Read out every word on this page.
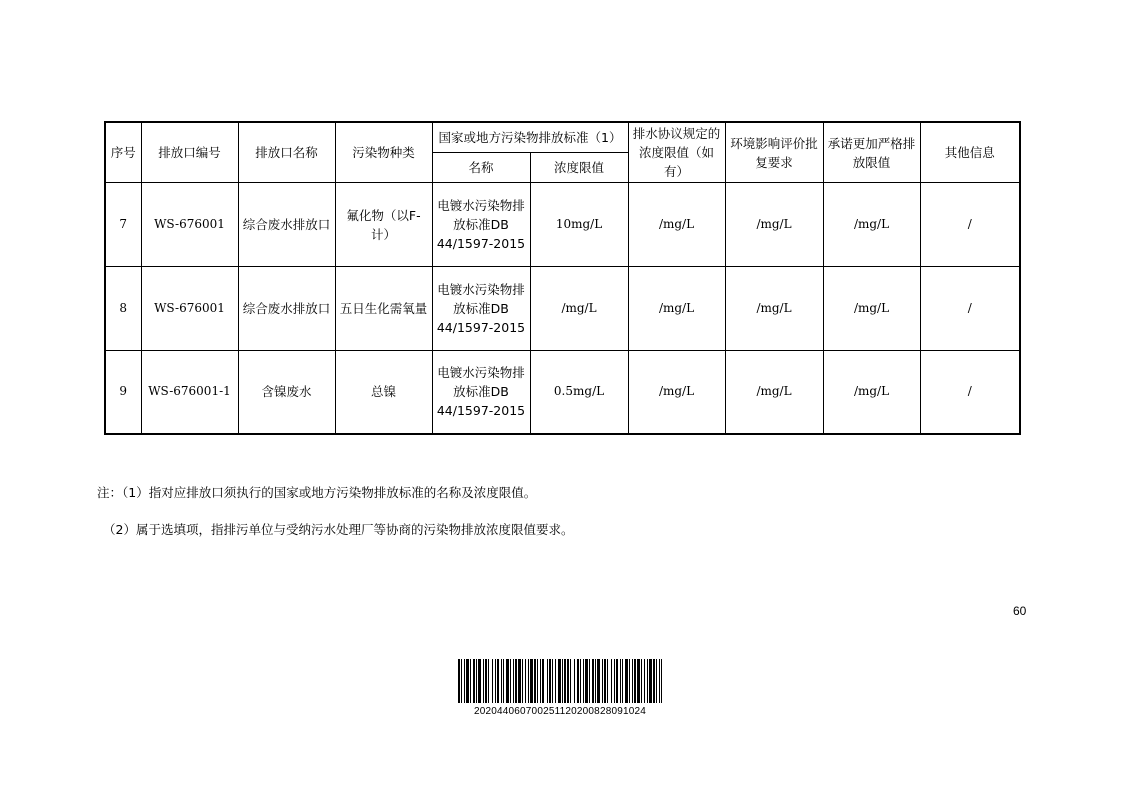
序号	排放口编号	排放口名称	污染物种类	国家或地方污染物排放标准（1）		排水协议规定的浓度限值（如有）	环境影响评价批复要求	承诺更加严格排放限值	其他信息
				名称	浓度限值				
7	WS-676001	综合废水排放口	氟化物（以F-计）	电镀水污染物排放标准DB 44/1597-2015	10mg/L	/mg/L	/mg/L	/mg/L	/
8	WS-676001	综合废水排放口	五日生化需氧量	电镀水污染物排放标准DB 44/1597-2015	/mg/L	/mg/L	/mg/L	/mg/L	/
9	WS-676001-1	含镍废水	总镍	电镀水污染物排放标准DB 44/1597-2015	0.5mg/L	/mg/L	/mg/L	/mg/L	/
注：（1）指对应排放口须执行的国家或地方污染物排放标准的名称及浓度限值。
（2）属于选填项，指排污单位与受纳污水处理厂等协商的污染物排放浓度限值要求。
60
20204406070025112020082809​1024
